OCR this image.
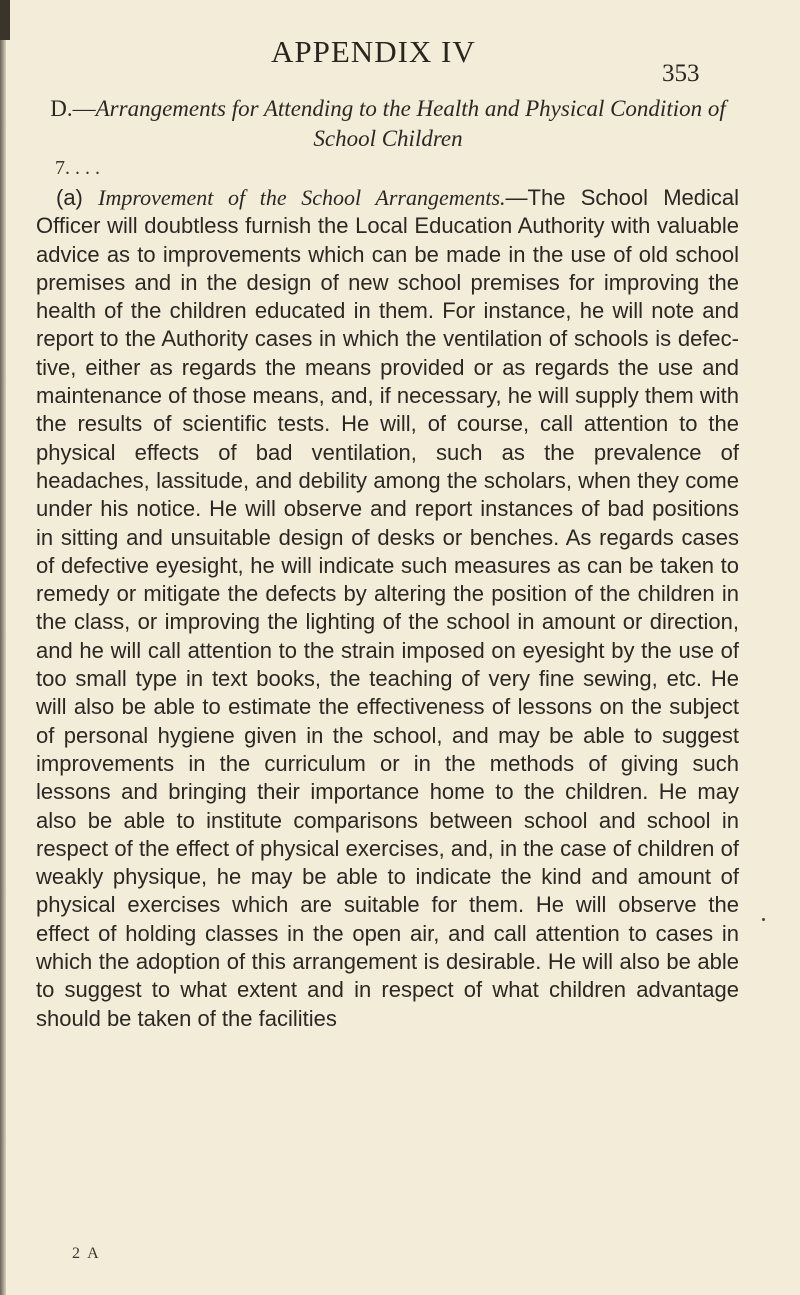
APPENDIX IV
353
D.—Arrangements for Attending to the Health and Physical Condition of School Children
7. . . .

(a) Improvement of the School Arrangements.—The School Medical Officer will doubtless furnish the Local Education Authority with valuable advice as to improvements which can be made in the use of old school premises and in the design of new school premises for improving the health of the children educated in them. For instance, he will note and report to the Authority cases in which the ventilation of schools is defective, either as regards the means provided or as regards the use and maintenance of those means, and, if necessary, he will supply them with the results of scientific tests. He will, of course, call attention to the physical effects of bad ventilation, such as the prevalence of headaches, lassitude, and debility among the scholars, when they come under his notice. He will observe and report instances of bad positions in sitting and unsuitable design of desks or benches. As regards cases of defective eyesight, he will indicate such measures as can be taken to remedy or mitigate the defects by altering the position of the children in the class, or improving the lighting of the school in amount or direction, and he will call attention to the strain imposed on eyesight by the use of too small type in text books, the teaching of very fine sewing, etc. He will also be able to estimate the effectiveness of lessons on the subject of personal hygiene given in the school, and may be able to suggest improvements in the curriculum or in the methods of giving such lessons and bringing their importance home to the children. He may also be able to institute comparisons between school and school in respect of the effect of physical exercises, and, in the case of children of weakly physique, he may be able to indicate the kind and amount of physical exercises which are suitable for them. He will observe the effect of holding classes in the open air, and call attention to cases in which the adoption of this arrangement is desirable. He will also be able to suggest to what extent and in respect of what children advantage should be taken of the facilities

2 A
